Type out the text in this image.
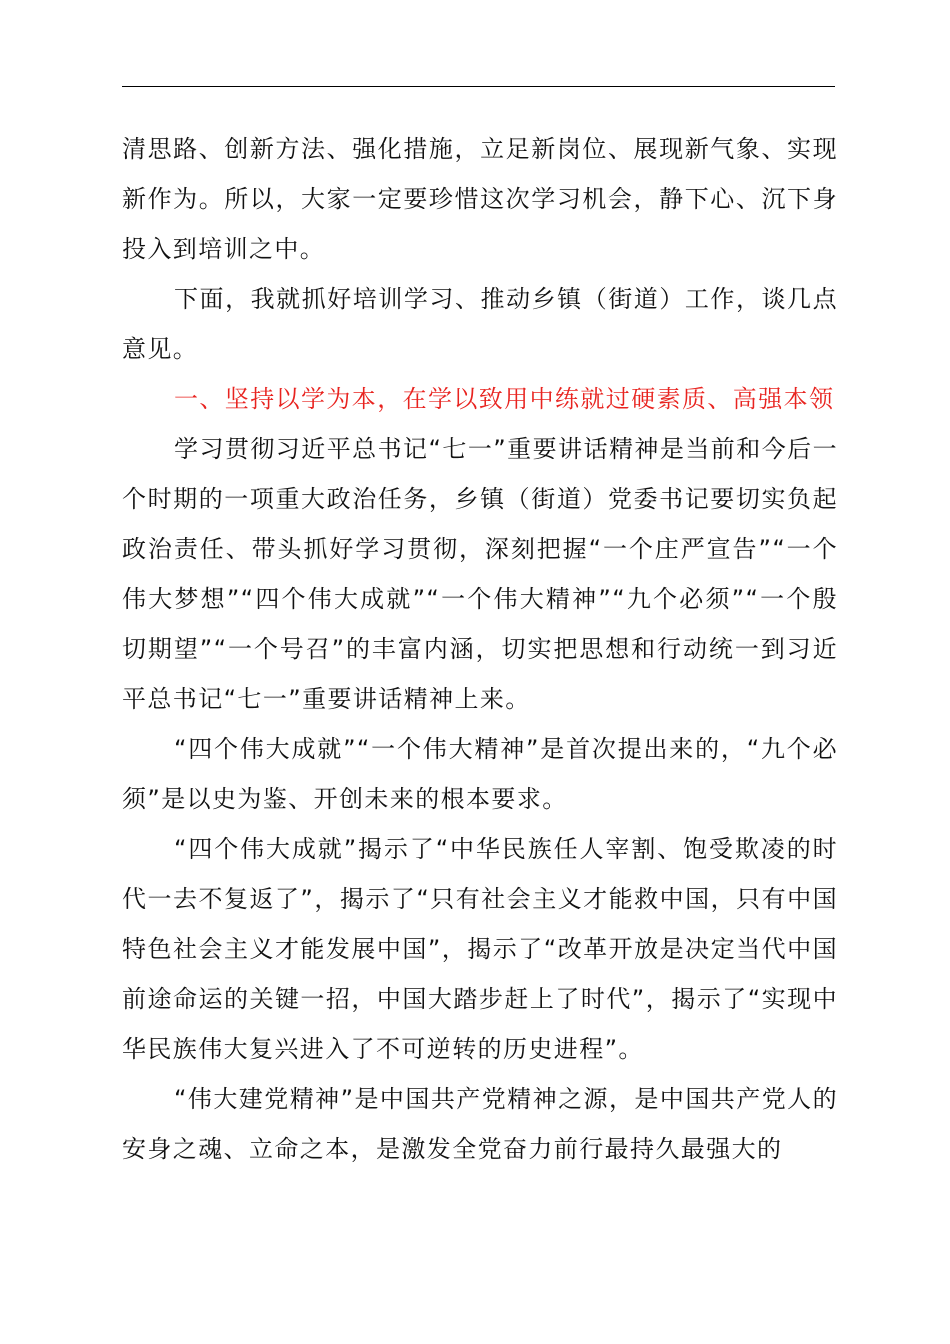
清思路、创新方法、强化措施，立足新岗位、展现新气象、实现新作为。所以，大家一定要珍惜这次学习机会，静下心、沉下身投入到培训之中。

下面，我就抓好培训学习、推动乡镇（街道）工作，谈几点意见。

一、坚持以学为本，在学以致用中练就过硬素质、高强本领

学习贯彻习近平总书记“七一”重要讲话精神是当前和今后一个时期的一项重大政治任务，乡镇（街道）党委书记要切实负起政治责任、带头抓好学习贯彻，深刻把握“一个庄严宣告”“一个伟大梦想”“四个伟大成就”“一个伟大精神”“九个必须”“一个殷切期望”“一个号召”的丰富内涵，切实把思想和行动统一到习近平总书记“七一”重要讲话精神上来。

“四个伟大成就”“一个伟大精神”是首次提出来的，“九个必须”是以史为鉴、开创未来的根本要求。

“四个伟大成就”揭示了“中华民族任人宰割、饱受欺凌的时代一去不复返了”，揭示了“只有社会主义才能救中国，只有中国特色社会主义才能发展中国”，揭示了“改革开放是决定当代中国前途命运的关键一招，中国大踏步赶上了时代”，揭示了“实现中华民族伟大复兴进入了不可逆转的历史进程”。

“伟大建党精神”是中国共产党精神之源，是中国共产党人的安身之魂、立命之本，是激发全党奋力前行最持久最强大的
